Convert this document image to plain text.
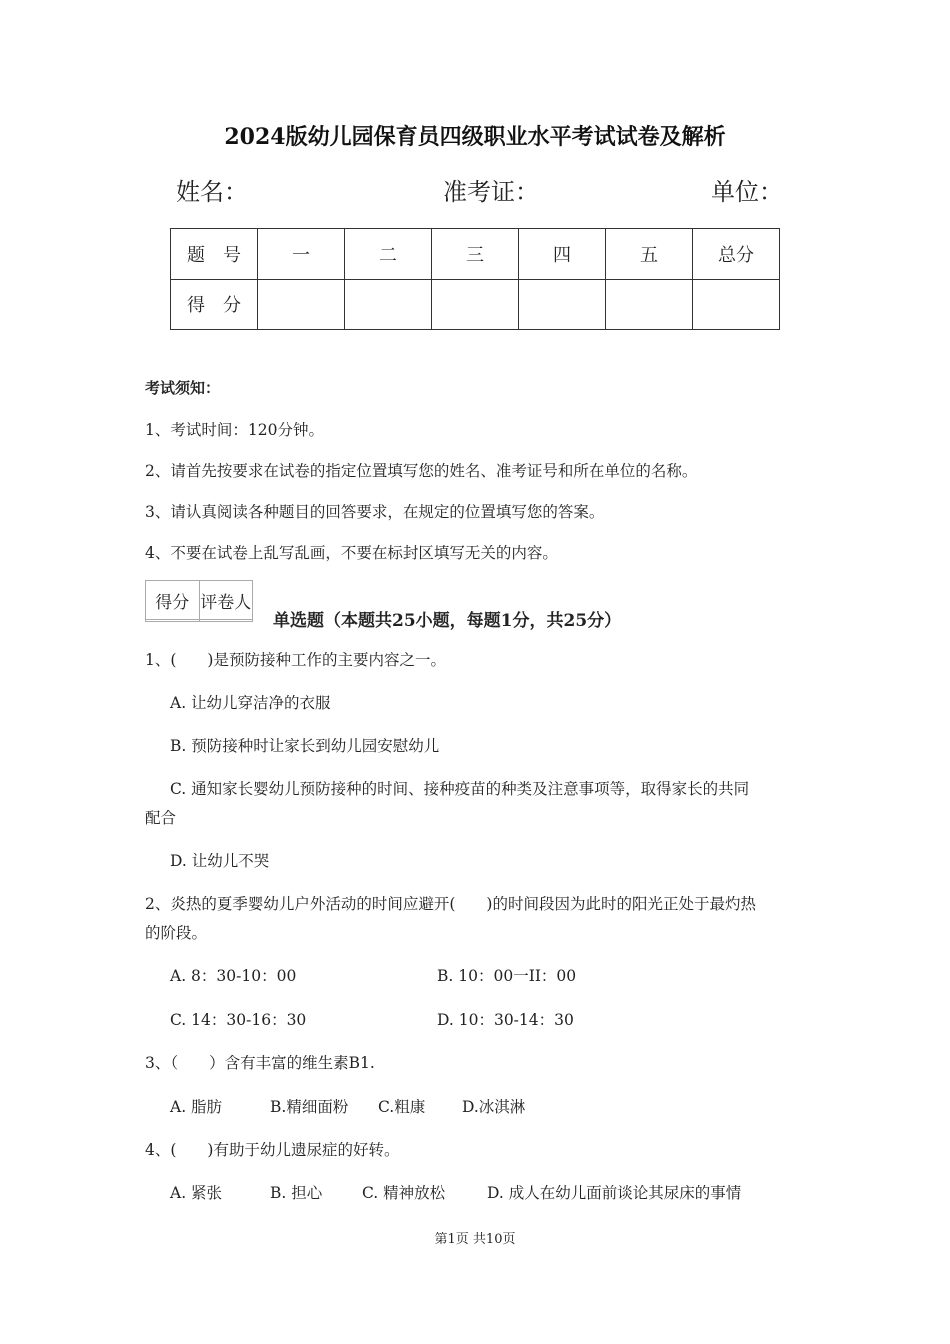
2024版幼儿园保育员四级职业水平考试试卷及解析
姓名：	准考证：	单位：
题　号	一	二	三	四	五	总分
得　分						
考试须知：
1、考试时间：120分钟。
2、请首先按要求在试卷的指定位置填写您的姓名、准考证号和所在单位的名称。
3、请认真阅读各种题目的回答要求，在规定的位置填写您的答案。
4、不要在试卷上乱写乱画，不要在标封区填写无关的内容。
得分	评卷人

单选题（本题共25小题，每题1分，共25分）
1、(　　)是预防接种工作的主要内容之一。
A. 让幼儿穿洁净的衣服
B. 预防接种时让家长到幼儿园安慰幼儿
C. 通知家长婴幼儿预防接种的时间、接种疫苗的种类及注意事项等，取得家长的共同
配合
D. 让幼儿不哭
2、炎热的夏季婴幼儿户外活动的时间应避开(　　)的时间段因为此时的阳光正处于最灼热
的阶段。
A. 8：30-10：00	B. 10：00一II：00
C. 14：30-16：30	D. 10：30-14：30
3、（　　）含有丰富的维生素B1.
A. 脂肪	B.精细面粉 C.粗康 D.冰淇淋
4、(　　)有助于幼儿遗尿症的好转。
A. 紧张	B. 担心	C. 精神放松	D. 成人在幼儿面前谈论其尿床的事情
第1页 共10页
